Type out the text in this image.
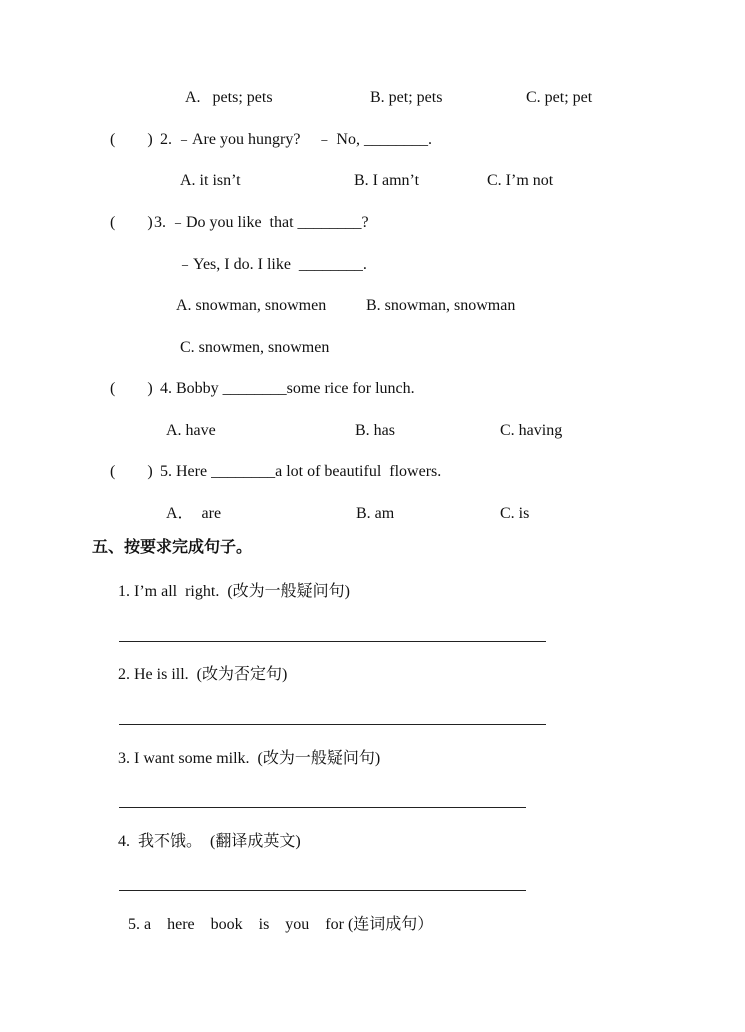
A.   pets; pets	B. pet; pets	C. pet; pet
(        ) 2. ﹣Are you hungry?    ﹣ No, ________.
A. it isn’t	B. I amn’t	C. I’m not
(        ) 3. ﹣Do you like  that ________?
﹣Yes, I do. I like  ________.
A. snowman, snowmen B. snowman, snowman
C. snowmen, snowmen
(        ) 4. Bobby ________some rice for lunch.
A. have	B. has	C. having
(        ) 5. Here ________a lot of beautiful  flowers.
A．  are	B. am	C. is
五、按要求完成句子。
1. I’m all  right.  (改为一般疑问句)
2. He is ill.  (改为否定句)
3. I want some milk.  (改为一般疑问句)
4.  我不饿。  (翻译成英文)
5. a    here    book    is    you    for (连词成句）
